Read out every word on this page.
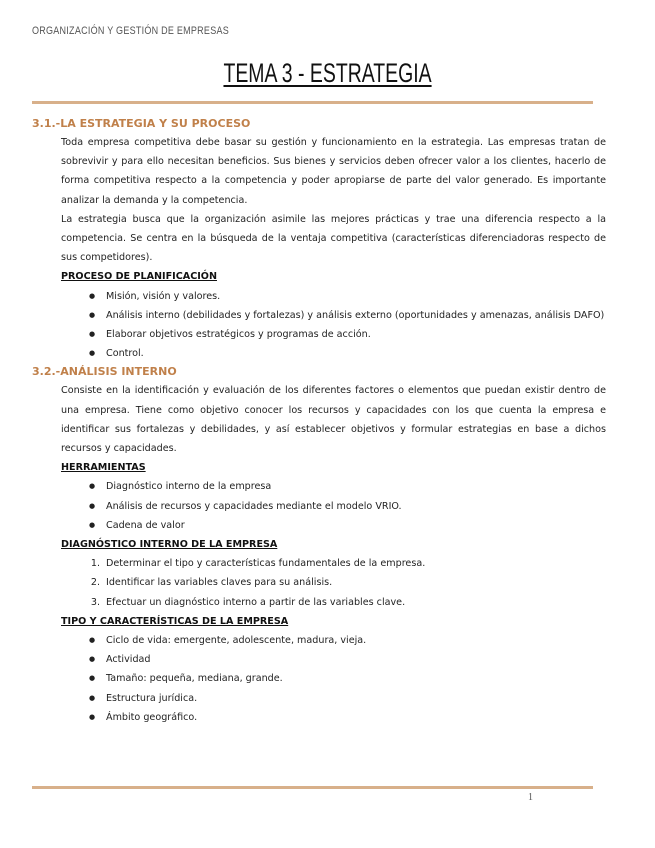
ORGANIZACIÓN Y GESTIÓN DE EMPRESAS
TEMA 3 - ESTRATEGIA
3.1.-LA ESTRATEGIA Y SU PROCESO

Toda empresa competitiva debe basar su gestión y funcionamiento en la estrategia. Las empresas tratan de sobrevivir y para ello necesitan beneficios. Sus bienes y servicios deben ofrecer valor a los clientes, hacerlo de forma competitiva respecto a la competencia y poder apropiarse de parte del valor generado. Es importante analizar la demanda y la competencia.

La estrategia busca que la organización asimile las mejores prácticas y trae una diferencia respecto a la competencia. Se centra en la búsqueda de la ventaja competitiva (características diferenciadoras respecto de sus competidores).

PROCESO DE PLANIFICACIÓN
●	Misión, visión y valores.
●	Análisis interno (debilidades y fortalezas) y análisis externo (oportunidades y amenazas, análisis DAFO)
●	Elaborar objetivos estratégicos y programas de acción.
●	Control.
3.2.-ANÁLISIS INTERNO

Consiste en la identificación y evaluación de los diferentes factores o elementos que puedan existir dentro de una empresa. Tiene como objetivo conocer los recursos y capacidades con los que cuenta la empresa e identificar sus fortalezas y debilidades, y así establecer objetivos y formular estrategias en base a dichos recursos y capacidades.

HERRAMIENTAS
●	Diagnóstico interno de la empresa
●	Análisis de recursos y capacidades mediante el modelo VRIO.
●	Cadena de valor
DIAGNÓSTICO INTERNO DE LA EMPRESA
1. Determinar el tipo y características fundamentales de la empresa.
2. Identificar las variables claves para su análisis.
3. Efectuar un diagnóstico interno a partir de las variables clave.
TIPO Y CARACTERÍSTICAS DE LA EMPRESA
●	Ciclo de vida: emergente, adolescente, madura, vieja.
●	Actividad
●	Tamaño: pequeña, mediana, grande.
●	Estructura jurídica.
●	Ámbito geográfico.
1
